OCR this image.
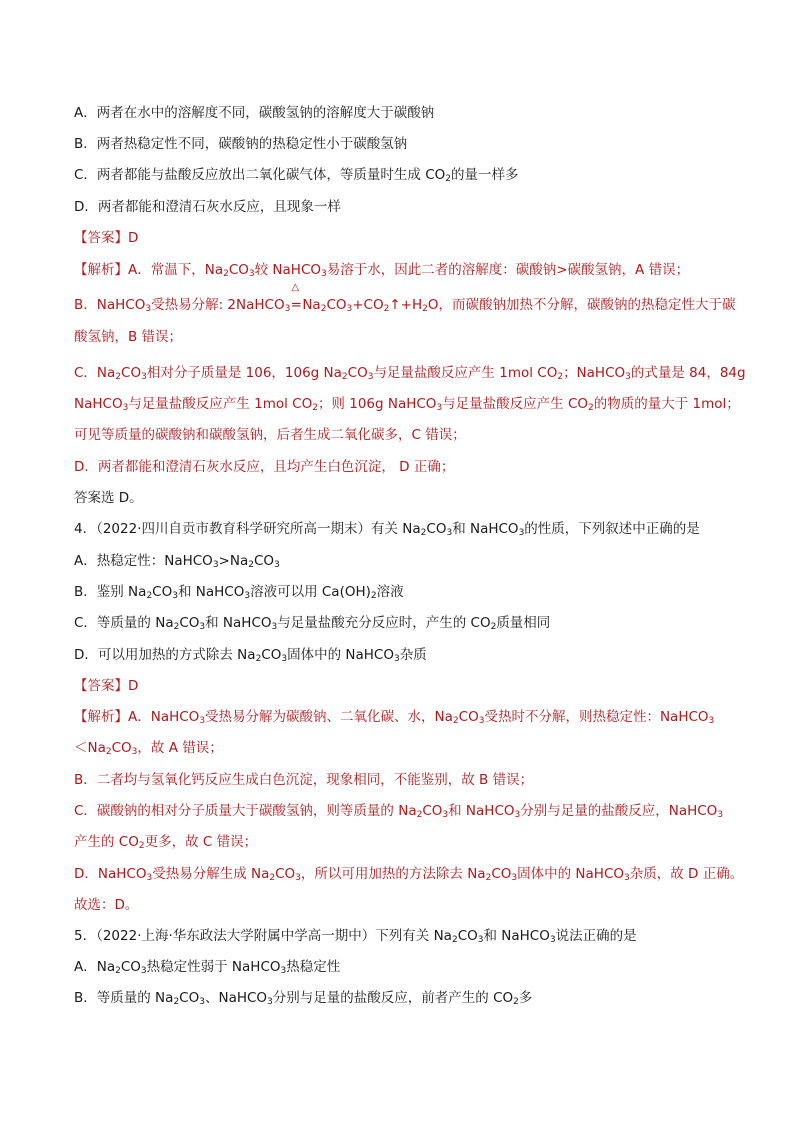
A．两者在水中的溶解度不同，碳酸氢钠的溶解度大于碳酸钠
B．两者热稳定性不同，碳酸钠的热稳定性小于碳酸氢钠
C．两者都能与盐酸反应放出二氧化碳气体，等质量时生成 $CO_2$的量一样多
D．两者都能和澄清石灰水反应，且现象一样
【答案】D
【解析】A．常温下，$Na_2CO_3$较 NaHCO$_3$易溶于水，因此二者的溶解度：碳酸钠>碳酸氢钠，A 错误；
B．NaHCO$_3$受热易分解: 2NaHCO$_3$
△
$=Na_2CO_3+CO_2↑+H_2O$，而碳酸钠加热不分解，碳酸钠的热稳定性大于碳
酸氢钠，B 错误；
C．$Na_2CO_3$相对分子质量是 106，106g $Na_2CO_3$与足量盐酸反应产生 1mol $CO_2$；NaHCO$_3$的式量是 84，84g
NaHCO$_3$与足量盐酸反应产生 1mol $CO_2$；则 106g NaHCO$_3$与足量盐酸反应产生 $CO_2$的物质的量大于 1mol；
可见等质量的碳酸钠和碳酸氢钠，后者生成二氧化碳多，C 错误；
D．两者都能和澄清石灰水反应，且均产生白色沉淀， D 正确；
答案选 D。
4．（2022·四川自贡市教育科学研究所高一期末）有关 $Na_2CO_3$和 NaHCO$_3$的性质，下列叙述中正确的是
A．热稳定性：$NaHCO_3>Na_2CO_3$
B．鉴别 $Na_2CO_3$和 NaHCO$_3$溶液可以用 $Ca(OH)_2$溶液
C．等质量的 $Na_2CO_3$和 NaHCO$_3$与足量盐酸充分反应时，产生的 $CO_2$质量相同
D．可以用加热的方式除去 $Na_2CO_3$固体中的 NaHCO$_3$杂质
【答案】D
【解析】A．NaHCO$_3$受热易分解为碳酸钠、二氧化碳、水，$Na_2CO_3$受热时不分解，则热稳定性：NaHCO$_3$
$<Na_2CO_3$，故 A 错误；
B．二者均与氢氧化钙反应生成白色沉淀，现象相同，不能鉴别，故 B 错误；
C．碳酸钠的相对分子质量大于碳酸氢钠，则等质量的 $Na_2CO_3$和 NaHCO$_3$分别与足量的盐酸反应，NaHCO$_3$
产生的 $CO_2$更多，故 C 错误；
D．NaHCO$_3$受热易分解生成 $Na_2CO_3$，所以可用加热的方法除去 $Na_2CO_3$固体中的 NaHCO$_3$杂质，故 D 正确。
故选：D。
5．（2022·上海·华东政法大学附属中学高一期中）下列有关 $Na_2CO_3$和 NaHCO$_3$说法正确的是
A．$Na_2CO_3$热稳定性弱于 NaHCO$_3$热稳定性
B．等质量的 $Na_2CO_3$、NaHCO$_3$分别与足量的盐酸反应，前者产生的 $CO_2$多
